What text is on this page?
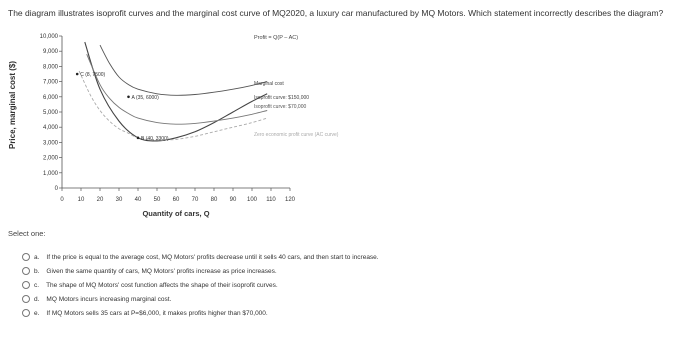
The diagram illustrates isoprofit curves and the marginal cost curve of MQ2020, a luxury car manufactured by MQ Motors. Which statement incorrectly describes the diagram?
0
1,000
2,000
3,000
4,000
5,000
6,000
7,000
8,000
9,000
10,000
0 10 20 30 40 50 60 70 80 90 100 110 120
Marginal cost
Isoprofit curve: $150,000
Isoprofit curve: $70,000
Zero economic profit curve (AC curve)
C (8, 7500)
A (35, 6000)
B (40, 3300)
Price, marginal cost ($)
Quantity of cars, Q
Profit = Q(P – AC)
Select one:
a. If the price is equal to the average cost, MQ Motors' profits decrease until it sells 40 cars, and then start to increase.
b. Given the same quantity of cars, MQ Motors' profits increase as price increases.
c. The shape of MQ Motors' cost function affects the shape of their isoprofit curves.
d. MQ Motors incurs increasing marginal cost.
e. If MQ Motors sells 35 cars at P=$6,000, it makes profits higher than $70,000.
